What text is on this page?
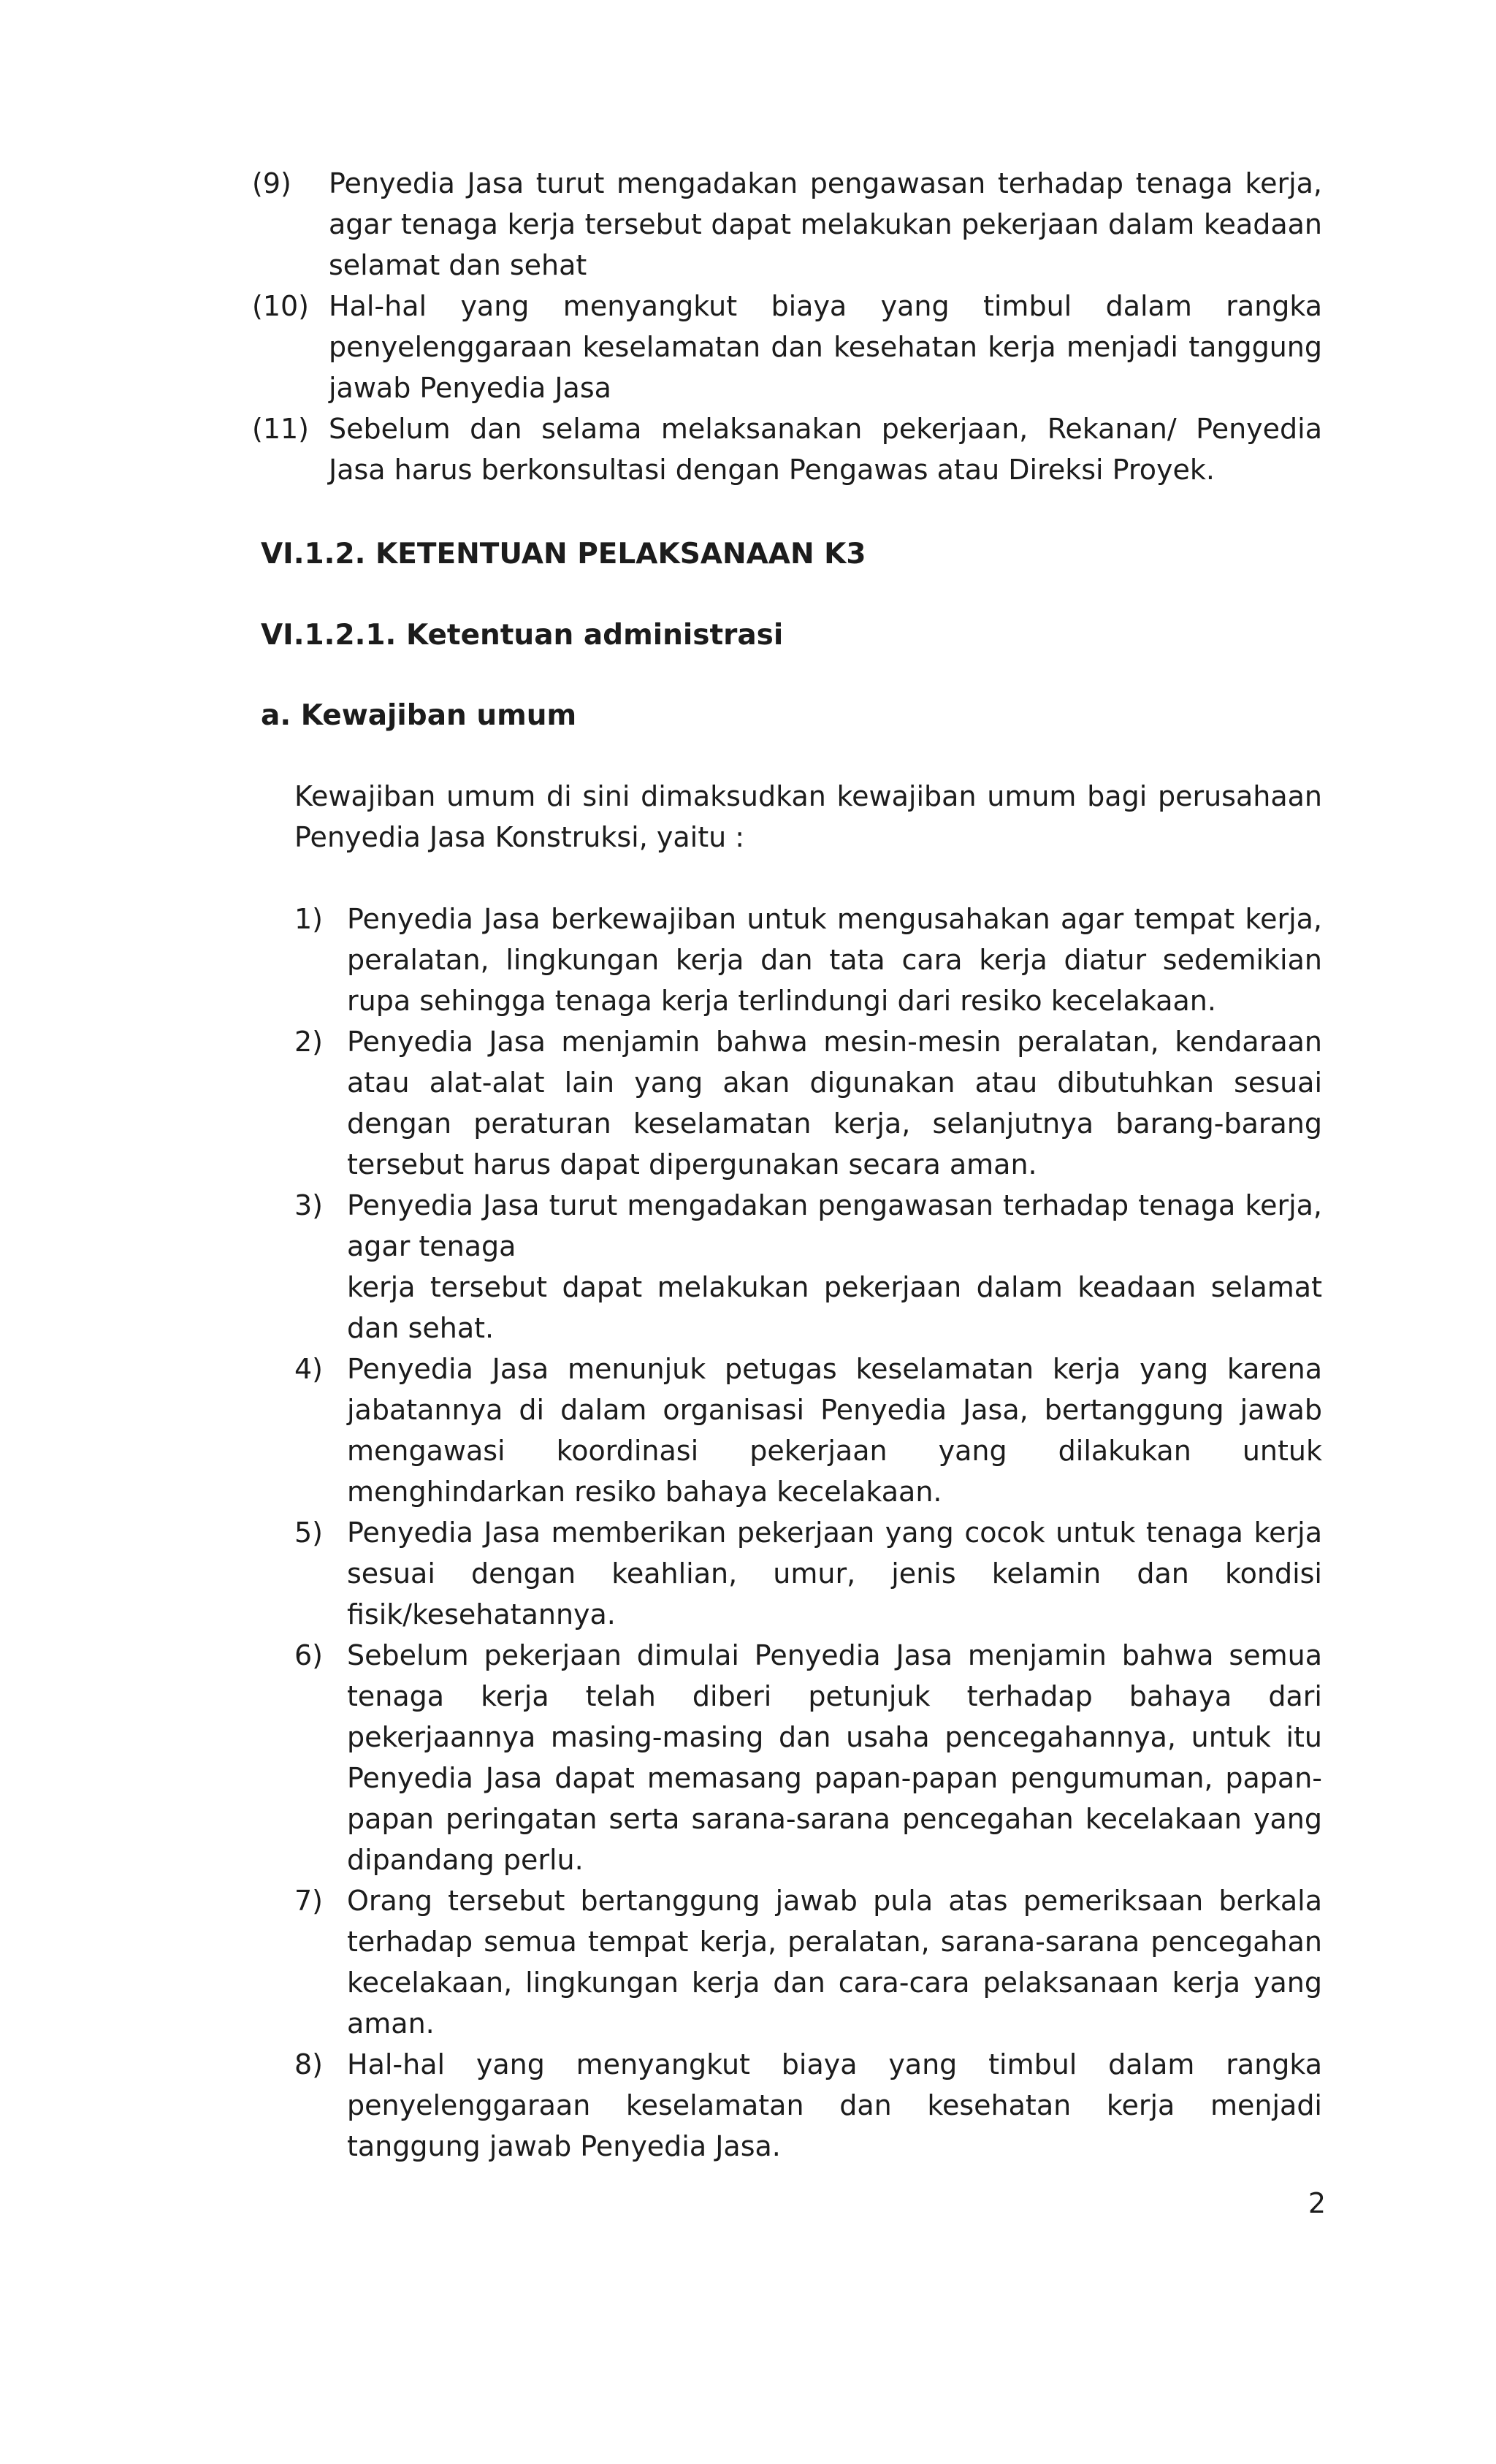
(9) Penyedia Jasa turut mengadakan pengawasan terhadap tenaga kerja, agar tenaga kerja tersebut dapat melakukan pekerjaan dalam keadaan selamat dan sehat
(10) Hal-hal yang menyangkut biaya yang timbul dalam rangka penyelenggaraan keselamatan dan kesehatan kerja menjadi tanggung jawab Penyedia Jasa
(11) Sebelum dan selama melaksanakan pekerjaan, Rekanan/ Penyedia Jasa harus berkonsultasi dengan Pengawas atau Direksi Proyek.
VI.1.2. KETENTUAN PELAKSANAAN K3
VI.1.2.1. Ketentuan administrasi
a. Kewajiban umum
Kewajiban umum di sini dimaksudkan kewajiban umum bagi perusahaan Penyedia Jasa Konstruksi, yaitu :
1) Penyedia Jasa berkewajiban untuk mengusahakan agar tempat kerja, peralatan, lingkungan kerja dan tata cara kerja diatur sedemikian rupa sehingga tenaga kerja terlindungi dari resiko kecelakaan.
2) Penyedia Jasa menjamin bahwa mesin-mesin peralatan, kendaraan atau alat-alat lain yang akan digunakan atau dibutuhkan sesuai dengan peraturan keselamatan kerja, selanjutnya barang-barang tersebut harus dapat dipergunakan secara aman.
3) Penyedia Jasa turut mengadakan pengawasan terhadap tenaga kerja, agar tenaga
kerja tersebut dapat melakukan pekerjaan dalam keadaan selamat dan sehat.
4) Penyedia Jasa menunjuk petugas keselamatan kerja yang karena jabatannya di dalam organisasi Penyedia Jasa, bertanggung jawab mengawasi koordinasi pekerjaan yang dilakukan untuk menghindarkan resiko bahaya kecelakaan.
5) Penyedia Jasa memberikan pekerjaan yang cocok untuk tenaga kerja sesuai dengan keahlian, umur, jenis kelamin dan kondisi fisik/kesehatannya.
6) Sebelum pekerjaan dimulai Penyedia Jasa menjamin bahwa semua tenaga kerja telah diberi petunjuk terhadap bahaya dari pekerjaannya masing-masing dan usaha pencegahannya, untuk itu Penyedia Jasa dapat memasang papan-papan pengumuman, papan-papan peringatan serta sarana-sarana pencegahan kecelakaan yang dipandang perlu.
7) Orang tersebut bertanggung jawab pula atas pemeriksaan berkala terhadap semua tempat kerja, peralatan, sarana-sarana pencegahan kecelakaan, lingkungan kerja dan cara-cara pelaksanaan kerja yang aman.
8) Hal-hal yang menyangkut biaya yang timbul dalam rangka penyelenggaraan keselamatan dan kesehatan kerja menjadi tanggung jawab Penyedia Jasa.
2
